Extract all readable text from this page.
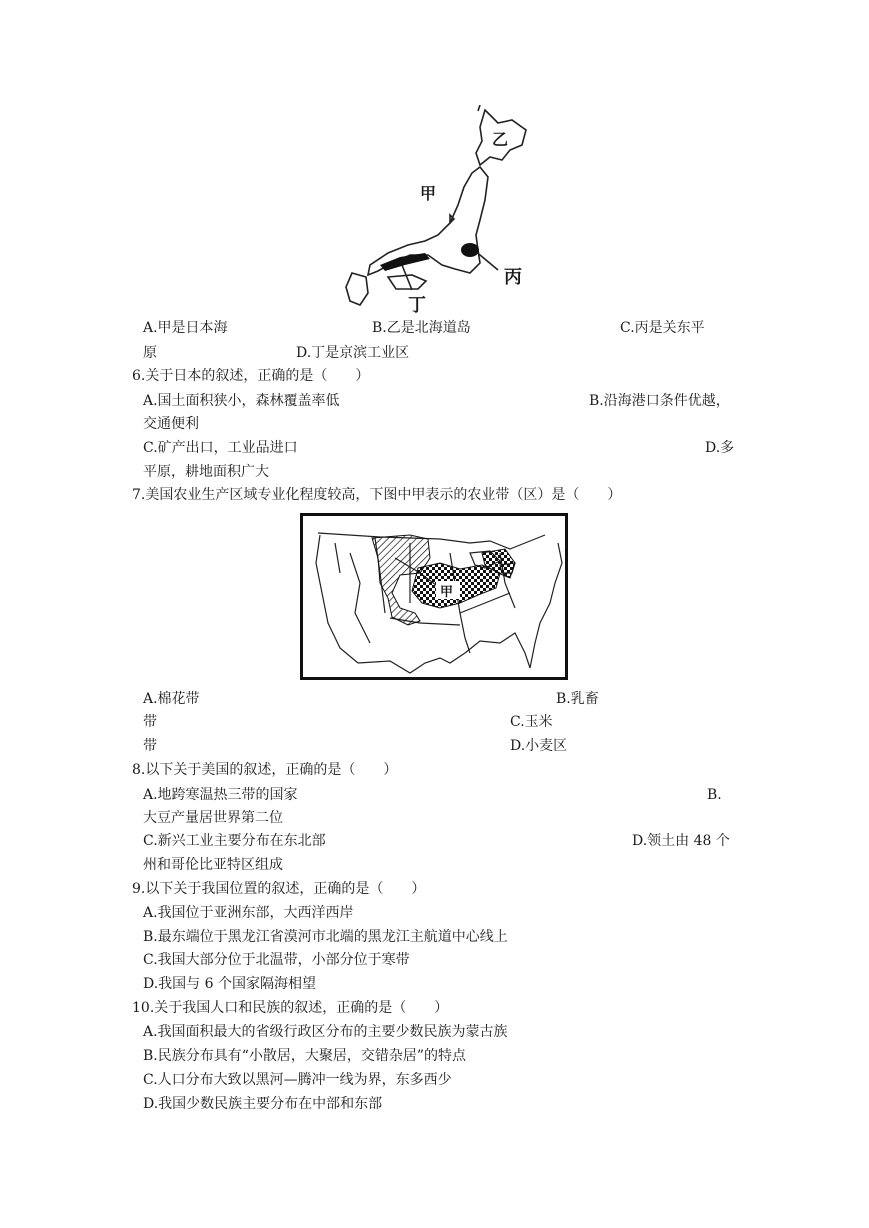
乙
甲
丙
丁
A.甲是日本海	B.乙是北海道岛	C.丙是关东平
原	D.丁是京滨工业区
6.关于日本的叙述，正确的是（　　）
A.国土面积狭小，森林覆盖率低	B.沿海港口条件优越，
交通便利
C.矿产出口，工业品进口	D.多
平原，耕地面积广大
7.美国农业生产区域专业化程度较高，下图中甲表示的农业带（区）是（　　）
甲
A.棉花带	B.乳畜
带	C.玉米
带	D.小麦区
8.以下关于美国的叙述，正确的是（　　）
A.地跨寒温热三带的国家	B.
大豆产量居世界第二位
C.新兴工业主要分布在东北部	D.领土由 48 个
州和哥伦比亚特区组成
9.以下关于我国位置的叙述，正确的是（　　）
A.我国位于亚洲东部，大西洋西岸
B.最东端位于黑龙江省漠河市北端的黑龙江主航道中心线上
C.我国大部分位于北温带，小部分位于寒带
D.我国与 6 个国家隔海相望
10.关于我国人口和民族的叙述，正确的是（　　）
A.我国面积最大的省级行政区分布的主要少数民族为蒙古族
B.民族分布具有“小散居，大聚居，交错杂居”的特点
C.人口分布大致以黑河—腾冲一线为界，东多西少
D.我国少数民族主要分布在中部和东部
